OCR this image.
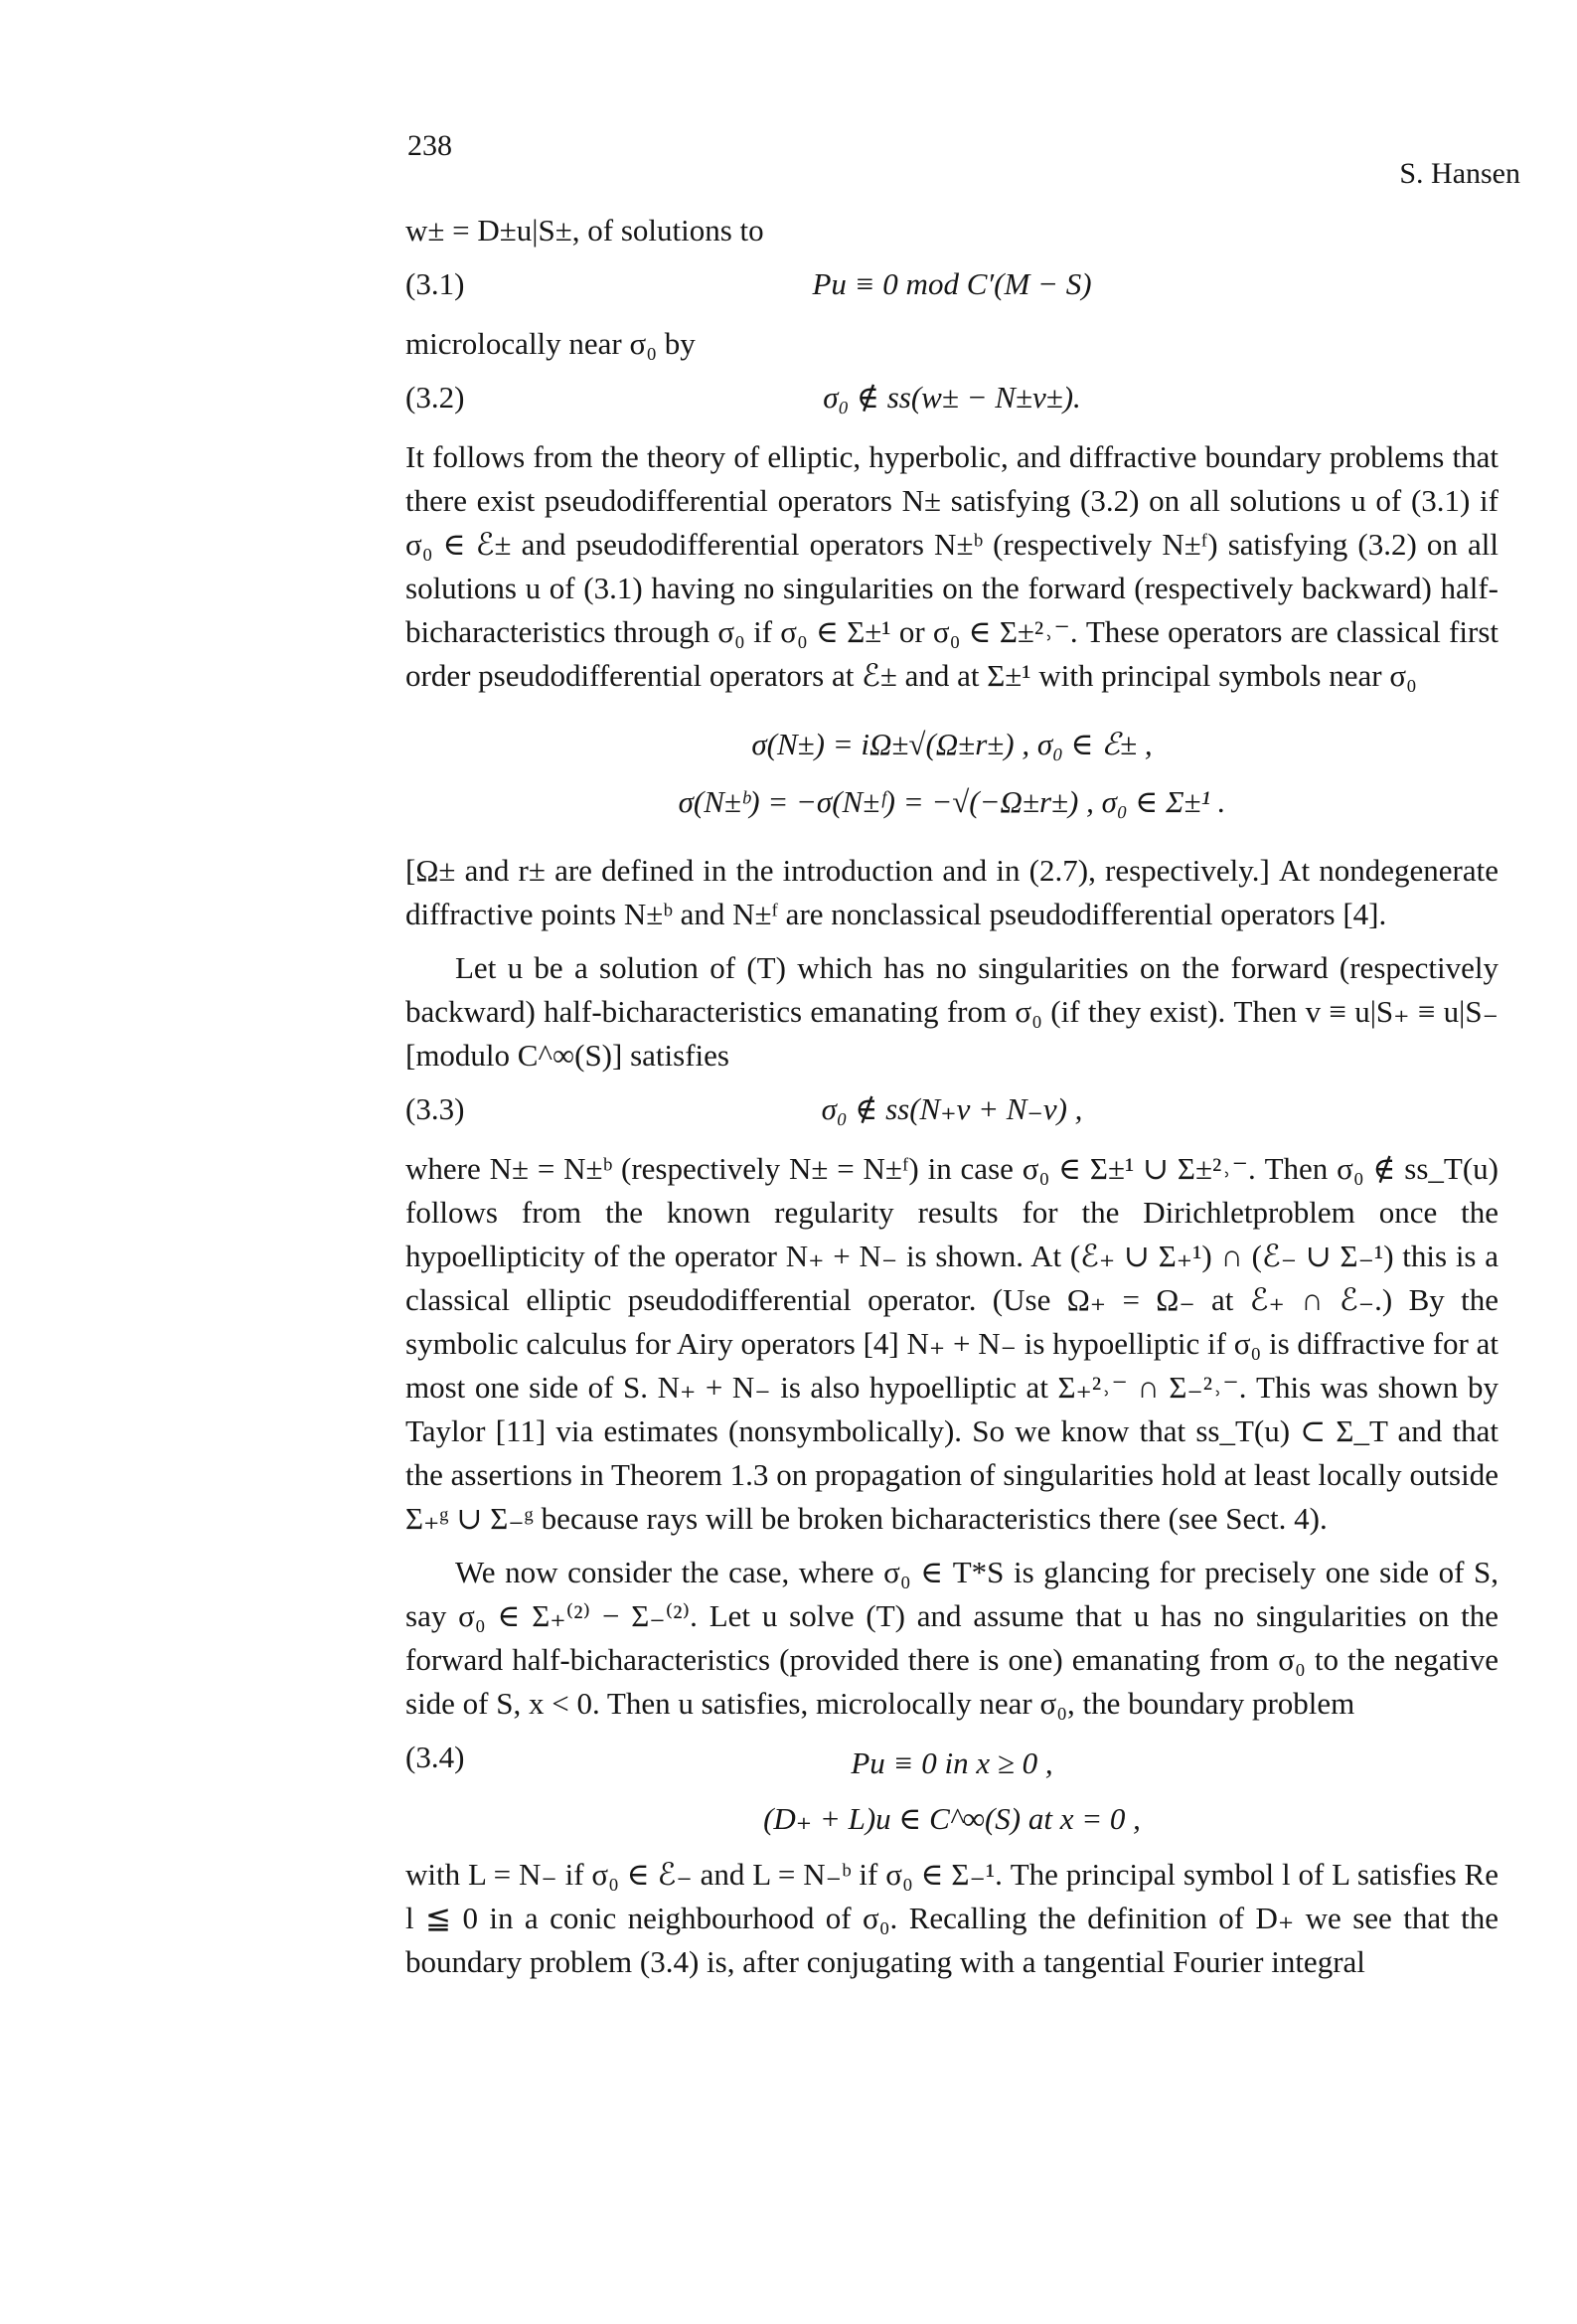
238
S. Hansen

w± = D±u|S±, of solutions to

(3.1)	Pu ≡ 0 mod C′(M − S)

microlocally near σ₀ by

(3.2)	σ₀ ∉ ss(w± − N±v±).

It follows from the theory of elliptic, hyperbolic, and diffractive boundary problems that there exist pseudodifferential operators N± satisfying (3.2) on all solutions u of (3.1) if σ₀ ∈ ℰ± and pseudodifferential operators N±ᵇ (respectively N±ᶠ) satisfying (3.2) on all solutions u of (3.1) having no singularities on the forward (respectively backward) half-bicharacteristics through σ₀ if σ₀ ∈ Σ±¹ or σ₀ ∈ Σ±²˒⁻. These operators are classical first order pseudodifferential operators at ℰ± and at Σ±¹ with principal symbols near σ₀

σ(N±) = iΩ±√(Ω±r±) , σ₀ ∈ ℰ± ,
σ(N±ᵇ) = −σ(N±ᶠ) = −√(−Ω±r±) , σ₀ ∈ Σ±¹ .

[Ω± and r± are defined in the introduction and in (2.7), respectively.] At nondegenerate diffractive points N±ᵇ and N±ᶠ are nonclassical pseudodifferential operators [4].

Let u be a solution of (T) which has no singularities on the forward (respectively backward) half-bicharacteristics emanating from σ₀ (if they exist). Then v ≡ u|S₊ ≡ u|S₋ [modulo C^∞(S)] satisfies

(3.3)	σ₀ ∉ ss(N₊v + N₋v) ,

where N± = N±ᵇ (respectively N± = N±ᶠ) in case σ₀ ∈ Σ±¹ ∪ Σ±²˒⁻. Then σ₀ ∉ ss_T(u) follows from the known regularity results for the Dirichletproblem once the hypoellipticity of the operator N₊ + N₋ is shown. At (ℰ₊ ∪ Σ₊¹) ∩ (ℰ₋ ∪ Σ₋¹) this is a classical elliptic pseudodifferential operator. (Use Ω₊ = Ω₋ at ℰ₊ ∩ ℰ₋.) By the symbolic calculus for Airy operators [4] N₊ + N₋ is hypoelliptic if σ₀ is diffractive for at most one side of S. N₊ + N₋ is also hypoelliptic at Σ₊²˒⁻ ∩ Σ₋²˒⁻. This was shown by Taylor [11] via estimates (nonsymbolically). So we know that ss_T(u) ⊂ Σ_T and that the assertions in Theorem 1.3 on propagation of singularities hold at least locally outside Σ₊ᵍ ∪ Σ₋ᵍ because rays will be broken bicharacteristics there (see Sect. 4).

We now consider the case, where σ₀ ∈ T*S is glancing for precisely one side of S, say σ₀ ∈ Σ₊⁽²⁾ − Σ₋⁽²⁾. Let u solve (T) and assume that u has no singularities on the forward half-bicharacteristics (provided there is one) emanating from σ₀ to the negative side of S, x < 0. Then u satisfies, microlocally near σ₀, the boundary problem

(3.4)	Pu ≡ 0 in x ≥ 0 ,
(D₊ + L)u ∈ C^∞(S) at x = 0 ,

with L = N₋ if σ₀ ∈ ℰ₋ and L = N₋ᵇ if σ₀ ∈ Σ₋¹. The principal symbol l of L satisfies Re l ≦ 0 in a conic neighbourhood of σ₀. Recalling the definition of D₊ we see that the boundary problem (3.4) is, after conjugating with a tangential Fourier integral
